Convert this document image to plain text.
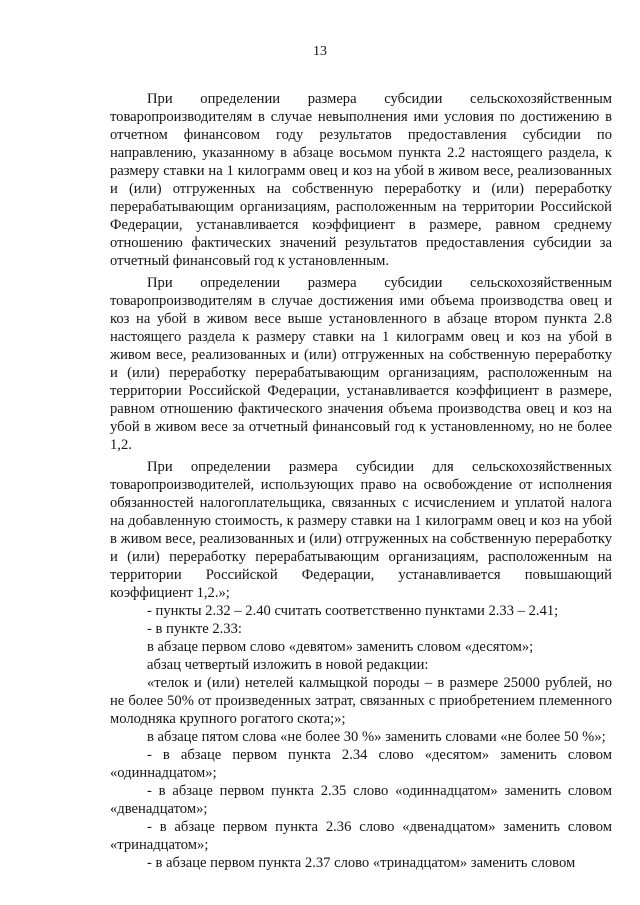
13

При определении размера субсидии сельскохозяйственным товаропроизводителям в случае невыполнения ими условия по достижению в отчетном финансовом году результатов предоставления субсидии по направлению, указанному в абзаце восьмом пункта 2.2 настоящего раздела, к размеру ставки на 1 килограмм овец и коз на убой в живом весе, реализованных и (или) отгруженных на собственную переработку и (или) переработку перерабатывающим организациям, расположенным на территории Российской Федерации, устанавливается коэффициент в размере, равном среднему отношению фактических значений результатов предоставления субсидии за отчетный финансовый год к установленным.

При определении размера субсидии сельскохозяйственным товаропроизводителям в случае достижения ими объема производства овец и коз на убой в живом весе выше установленного в абзаце втором пункта 2.8 настоящего раздела к размеру ставки на 1 килограмм овец и коз на убой в живом весе, реализованных и (или) отгруженных на собственную переработку и (или) переработку перерабатывающим организациям, расположенным на территории Российской Федерации, устанавливается коэффициент в размере, равном отношению фактического значения объема производства овец и коз на убой в живом весе за отчетный финансовый год к установленному, но не более 1,2.

При определении размера субсидии для сельскохозяйственных товаропроизводителей, использующих право на освобождение от исполнения обязанностей налогоплательщика, связанных с исчислением и уплатой налога на добавленную стоимость, к размеру ставки на 1 килограмм овец и коз на убой в живом весе, реализованных и (или) отгруженных на собственную переработку и (или) переработку перерабатывающим организациям, расположенным на территории Российской Федерации, устанавливается повышающий коэффициент 1,2.»;

- пункты 2.32 – 2.40 считать соответственно пунктами 2.33 – 2.41;

- в пункте 2.33:

в абзаце первом слово «девятом» заменить словом «десятом»;

абзац четвертый изложить в новой редакции:

«телок и (или) нетелей калмыцкой породы – в размере 25000 рублей, но не более 50% от произведенных затрат, связанных с приобретением племенного молодняка крупного рогатого скота;»;

в абзаце пятом слова «не более 30 %» заменить словами «не более 50 %»;

- в абзаце первом пункта 2.34 слово «десятом» заменить словом «одиннадцатом»;

- в абзаце первом пункта 2.35 слово «одиннадцатом» заменить словом «двенадцатом»;

- в абзаце первом пункта 2.36 слово «двенадцатом» заменить словом «тринадцатом»;

- в абзаце первом пункта 2.37 слово «тринадцатом» заменить словом
